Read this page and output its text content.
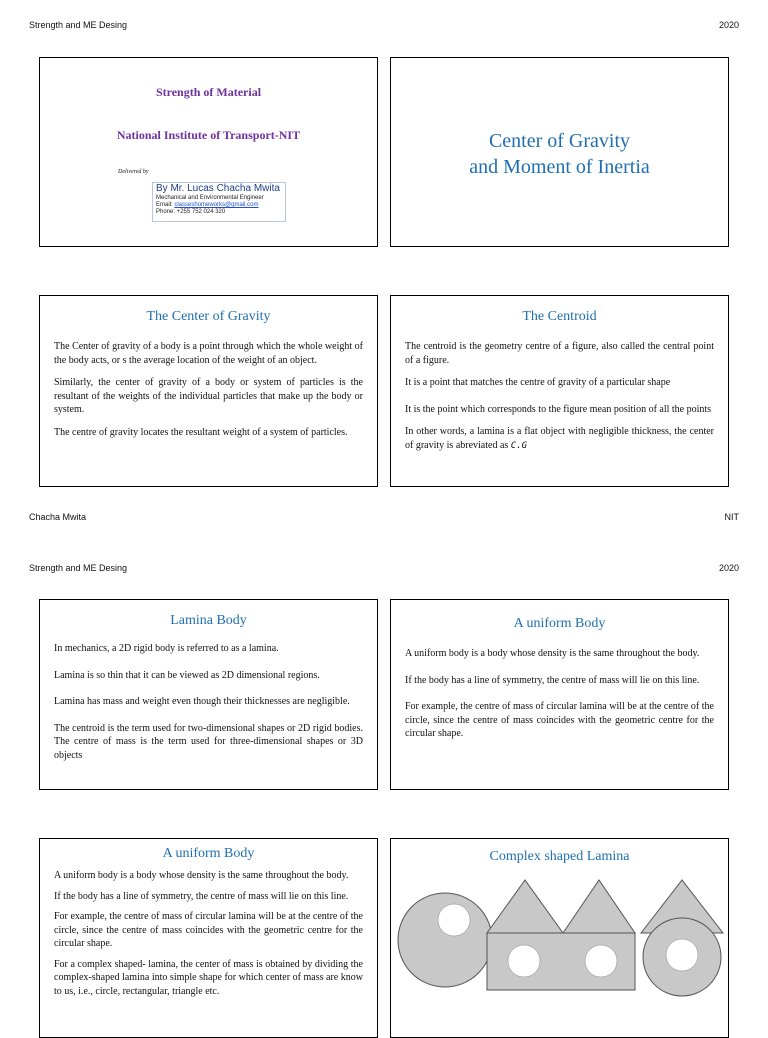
Strength and ME Desing	2020
Strength of Material
National Institute of Transport-NIT
Delivered by
By Mr. Lucas Chacha Mwita
Mechanical and Environmental Engineer
Email: classeshomeworks@gmail.com
Phone: +255 752 024 320
Center of Gravity
and Moment of Inertia
The Center of Gravity

The Center of gravity of a body is a point through which the whole weight of the body acts, or s the average location of the weight of an object.

Similarly, the center of gravity of a body or system of particles is the resultant of the weights of the individual particles that make up the body or system.

The centre of gravity locates the resultant weight of a system of particles.

The Centroid

The centroid is the geometry centre of a figure, also called the central point of a figure.

It is a point that matches the centre of gravity of a particular shape

It is the point which corresponds to the figure mean position of all the points

In other words, a lamina is a flat object with negligible thickness, the center of gravity is abreviated as C.G

Chacha Mwita	NIT
Strength and ME Desing	2020
Lamina Body

In mechanics, a 2D rigid body is referred to as a lamina.

Lamina is so thin that it can be viewed as 2D dimensional regions.

Lamina has mass and weight even though their thicknesses are negligible.

The centroid is the term used for two-dimensional shapes or 2D rigid bodies. The centre of mass is the term used for three-dimensional shapes or 3D objects

A uniform Body

A uniform body is a body whose density is the same throughout the body.

If the body has a line of symmetry, the centre of mass will lie on this line.

For example, the centre of mass of circular lamina will be at the centre of the circle, since the centre of mass coincides with the geometric centre for the circular shape.

A uniform Body

A uniform body is a body whose density is the same throughout the body.

If the body has a line of symmetry, the centre of mass will lie on this line.

For example, the centre of mass of circular lamina will be at the centre of the circle, since the centre of mass coincides with the geometric centre for the circular shape.

For a complex shaped- lamina, the center of mass is obtained by dividing the complex-shaped lamina into simple shape for which center of mass are know to us, i.e., circle, rectangular, triangle etc.

Complex shaped Lamina
